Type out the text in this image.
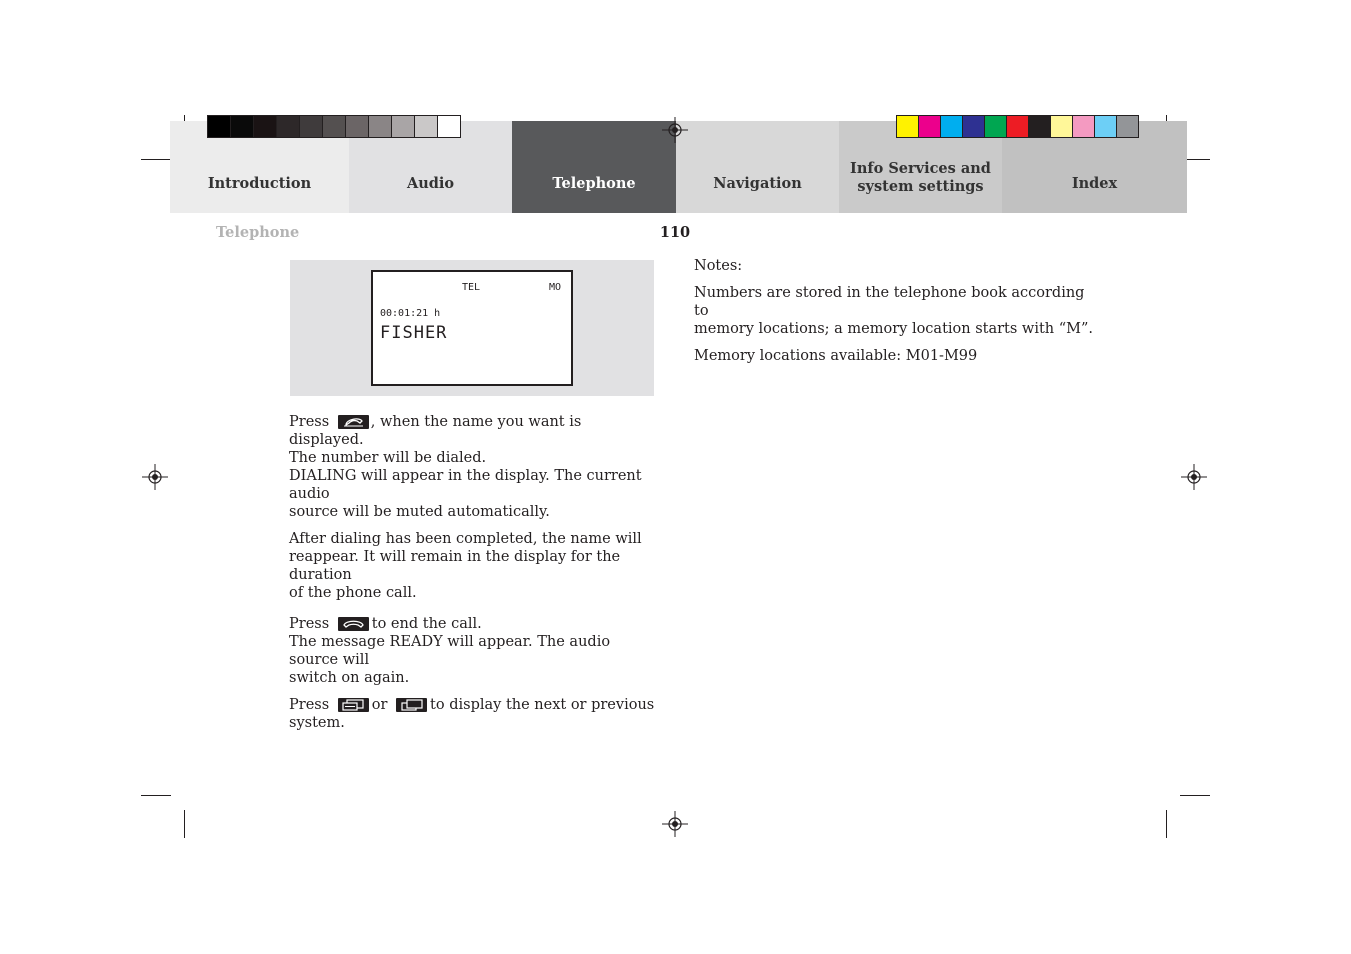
Introduction	Audio	Telephone	Navigation
Info Services and
system settings	Index
Telephone	110
TEL	MO
00:01:21 h
FISHER

Press	, when the name you want is displayed.
The number will be dialed.
DIALING will appear in the display. The current audio
source will be muted automatically.

After dialing has been completed, the name will
reappear. It will remain in the display for the duration
of the phone call.

Press	to end the call.
The message READY will appear. The audio source will
switch on again.

Press	or	to display the next or previous
system.

Notes:

Numbers are stored in the telephone book according to
memory locations; a memory location starts with “M”.

Memory locations available: M01-M99
